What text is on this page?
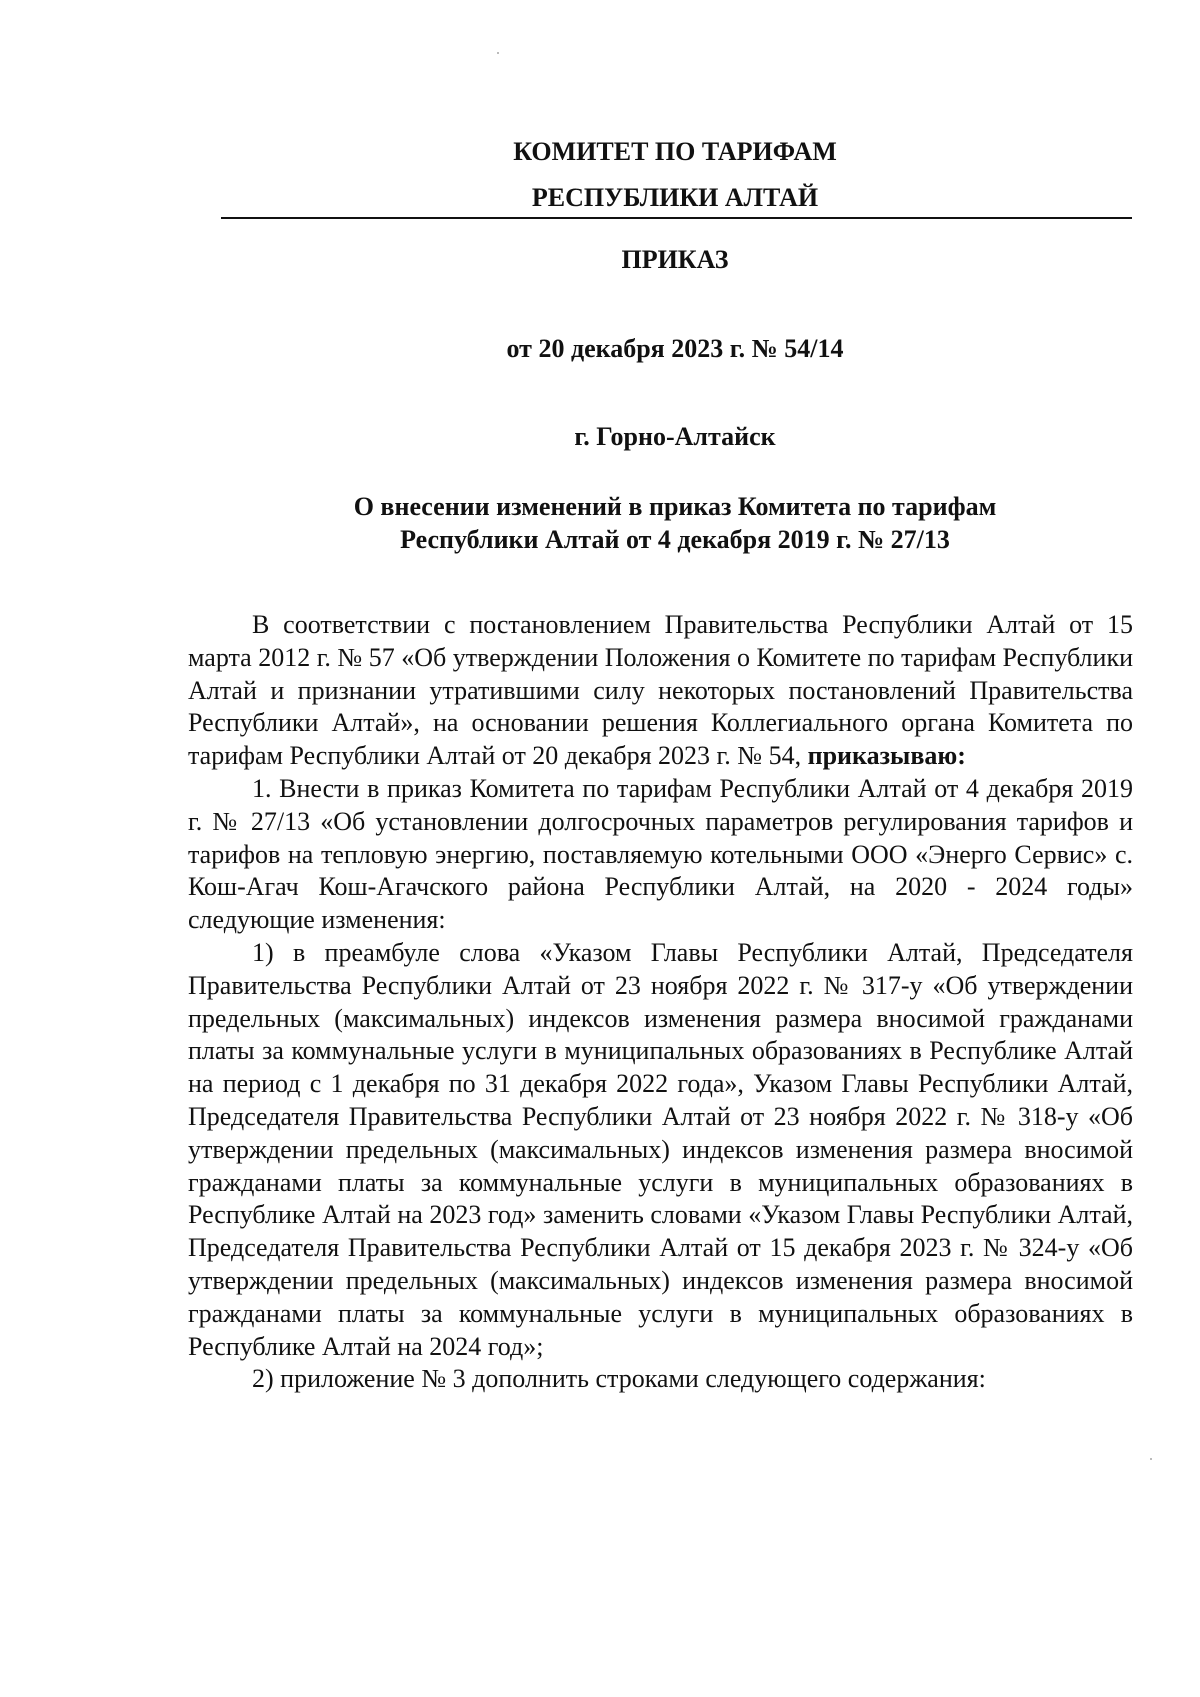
КОМИТЕТ ПО ТАРИФАМ
РЕСПУБЛИКИ АЛТАЙ
ПРИКАЗ
от 20 декабря 2023 г. № 54/14
г. Горно-Алтайск
О внесении изменений в приказ Комитета по тарифам
Республики Алтай от 4 декабря 2019 г. № 27/13

В соответствии с постановлением Правительства Республики Алтай от 15 марта 2012 г. № 57 «Об утверждении Положения о Комитете по тарифам Республики Алтай и признании утратившими силу некоторых постановлений Правительства Республики Алтай», на основании решения Коллегиального органа Комитета по тарифам Республики Алтай от 20 декабря 2023 г. № 54, приказываю:

1. Внести в приказ Комитета по тарифам Республики Алтай от 4 декабря 2019 г. № 27/13 «Об установлении долгосрочных параметров регулирования тарифов и тарифов на тепловую энергию, поставляемую котельными ООО «Энерго Сервис» с. Кош-Агач Кош-Агачского района Республики Алтай, на 2020 - 2024 годы» следующие изменения:

1) в преамбуле слова «Указом Главы Республики Алтай, Председателя Правительства Республики Алтай от 23 ноября 2022 г. № 317-у «Об утверждении предельных (максимальных) индексов изменения размера вносимой гражданами платы за коммунальные услуги в муниципальных образованиях в Республике Алтай на период с 1 декабря по 31 декабря 2022 года», Указом Главы Республики Алтай, Председателя Правительства Республики Алтай от 23 ноября 2022 г. № 318-у «Об утверждении предельных (максимальных) индексов изменения размера вносимой гражданами платы за коммунальные услуги в муниципальных образованиях в Республике Алтай на 2023 год» заменить словами «Указом Главы Республики Алтай, Председателя Правительства Республики Алтай от 15 декабря 2023 г. № 324-у «Об утверждении предельных (максимальных) индексов изменения размера вносимой гражданами платы за коммунальные услуги в муниципальных образованиях в Республике Алтай на 2024 год»;

2) приложение № 3 дополнить строками следующего содержания:
